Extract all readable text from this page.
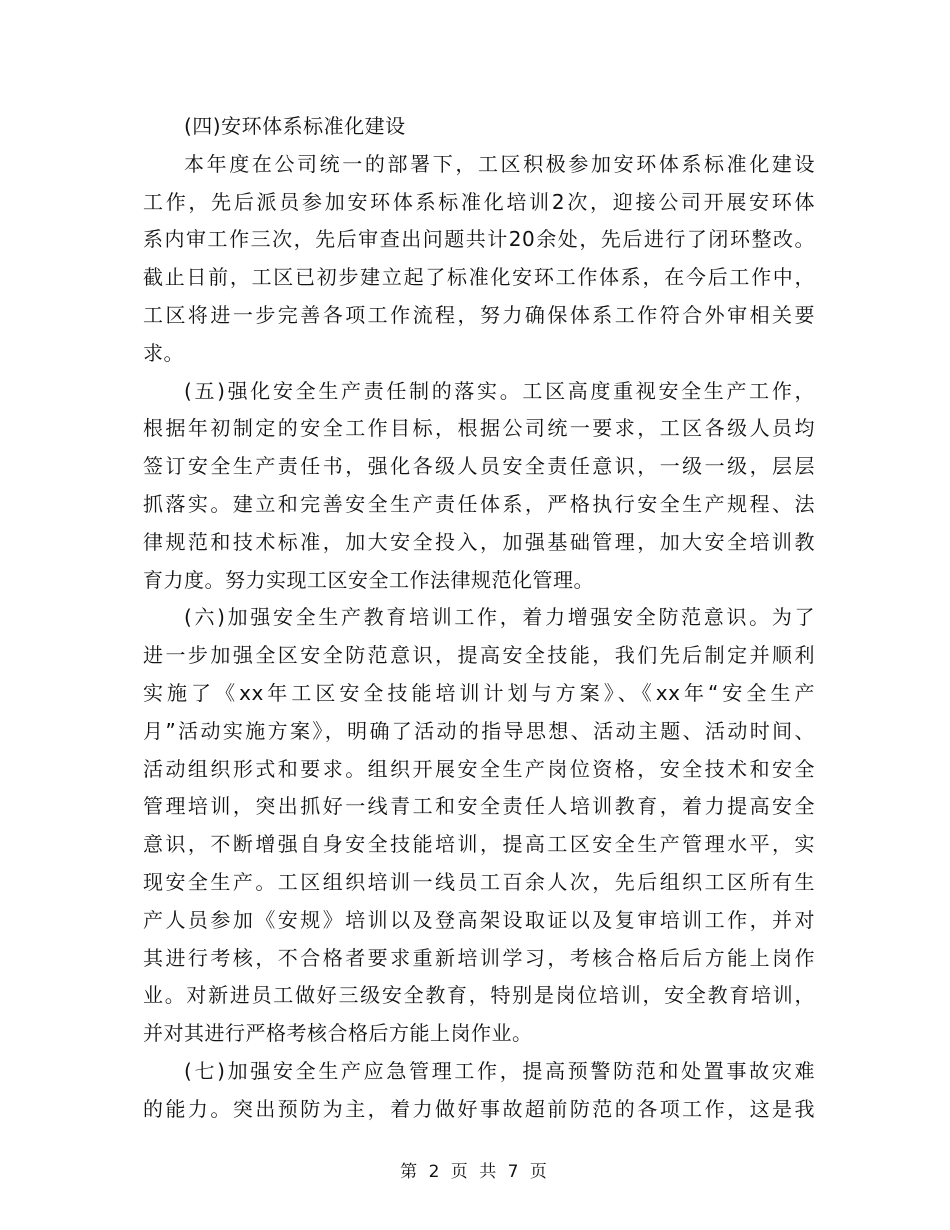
(四)安环体系标准化建设
本年度在公司统一的部署下，工区积极参加安环体系标准化建设
工作，先后派员参加安环体系标准化培训2次，迎接公司开展安环体
系内审工作三次，先后审查出问题共计20余处，先后进行了闭环整改。
截止日前，工区已初步建立起了标准化安环工作体系，在今后工作中，
工区将进一步完善各项工作流程，努力确保体系工作符合外审相关要
求。
(五)强化安全生产责任制的落实。工区高度重视安全生产工作，
根据年初制定的安全工作目标，根据公司统一要求，工区各级人员均
签订安全生产责任书，强化各级人员安全责任意识，一级一级，层层
抓落实。建立和完善安全生产责任体系，严格执行安全生产规程、法
律规范和技术标准，加大安全投入，加强基础管理，加大安全培训教
育力度。努力实现工区安全工作法律规范化管理。
(六)加强安全生产教育培训工作，着力增强安全防范意识。为了
进一步加强全区安全防范意识，提高安全技能，我们先后制定并顺利
实施了《xx年工区安全技能培训计划与方案》、《xx年“安全生产
月”活动实施方案》，明确了活动的指导思想、活动主题、活动时间、
活动组织形式和要求。组织开展安全生产岗位资格，安全技术和安全
管理培训，突出抓好一线青工和安全责任人培训教育，着力提高安全
意识，不断增强自身安全技能培训，提高工区安全生产管理水平，实
现安全生产。工区组织培训一线员工百余人次，先后组织工区所有生
产人员参加《安规》培训以及登高架设取证以及复审培训工作，并对
其进行考核，不合格者要求重新培训学习，考核合格后后方能上岗作
业。对新进员工做好三级安全教育，特别是岗位培训，安全教育培训，
并对其进行严格考核合格后方能上岗作业。
(七)加强安全生产应急管理工作，提高预警防范和处置事故灾难
的能力。突出预防为主，着力做好事故超前防范的各项工作，这是我
第 2 页 共 7 页
